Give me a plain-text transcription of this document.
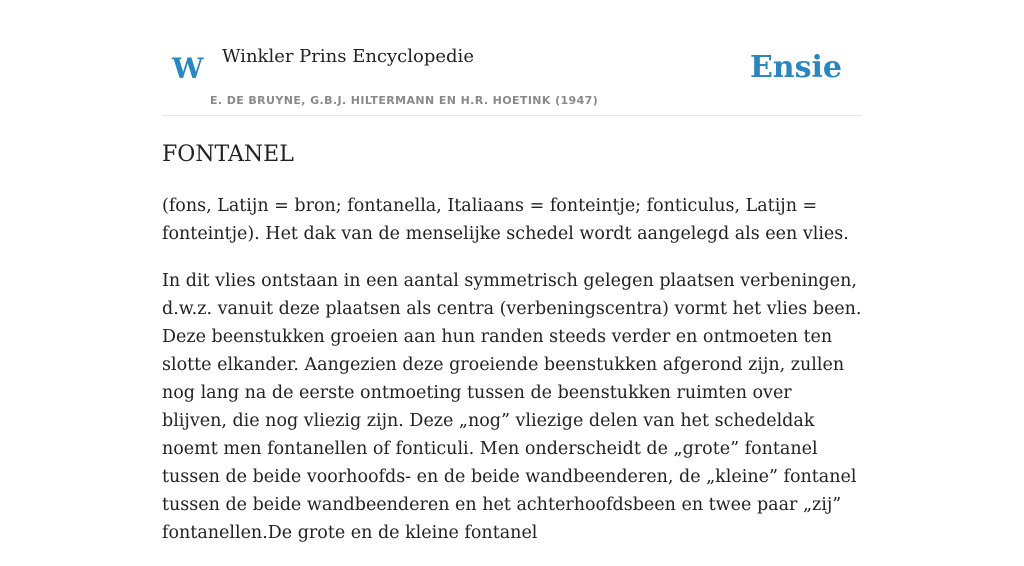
W Winkler Prins Encyclopedie
E. DE BRUYNE, G.B.J. HILTERMANN EN H.R. HOETINK (1947)
Ensie
FONTANEL

(fons, Latijn = bron; fontanella, Italiaans = fonteintje; fonticulus, Latijn = fonteintje). Het dak van de menselijke schedel wordt aangelegd als een vlies.

In dit vlies ontstaan in een aantal symmetrisch gelegen plaatsen verbeningen, d.w.z. vanuit deze plaatsen als centra (verbeningscentra) vormt het vlies been. Deze beenstukken groeien aan hun randen steeds verder en ontmoeten ten slotte elkander. Aangezien deze groeiende beenstukken afgerond zijn, zullen nog lang na de eerste ontmoeting tussen de beenstukken ruimten over blijven, die nog vliezig zijn. Deze „nog” vliezige delen van het schedeldak noemt men fontanellen of fonticuli. Men onderscheidt de „grote” fontanel tussen de beide voorhoofds- en de beide wandbeenderen, de „kleine” fontanel tussen de beide wandbeenderen en het achterhoofdsbeen en twee paar „zij” fontanellen.De grote en de kleine fontanel
